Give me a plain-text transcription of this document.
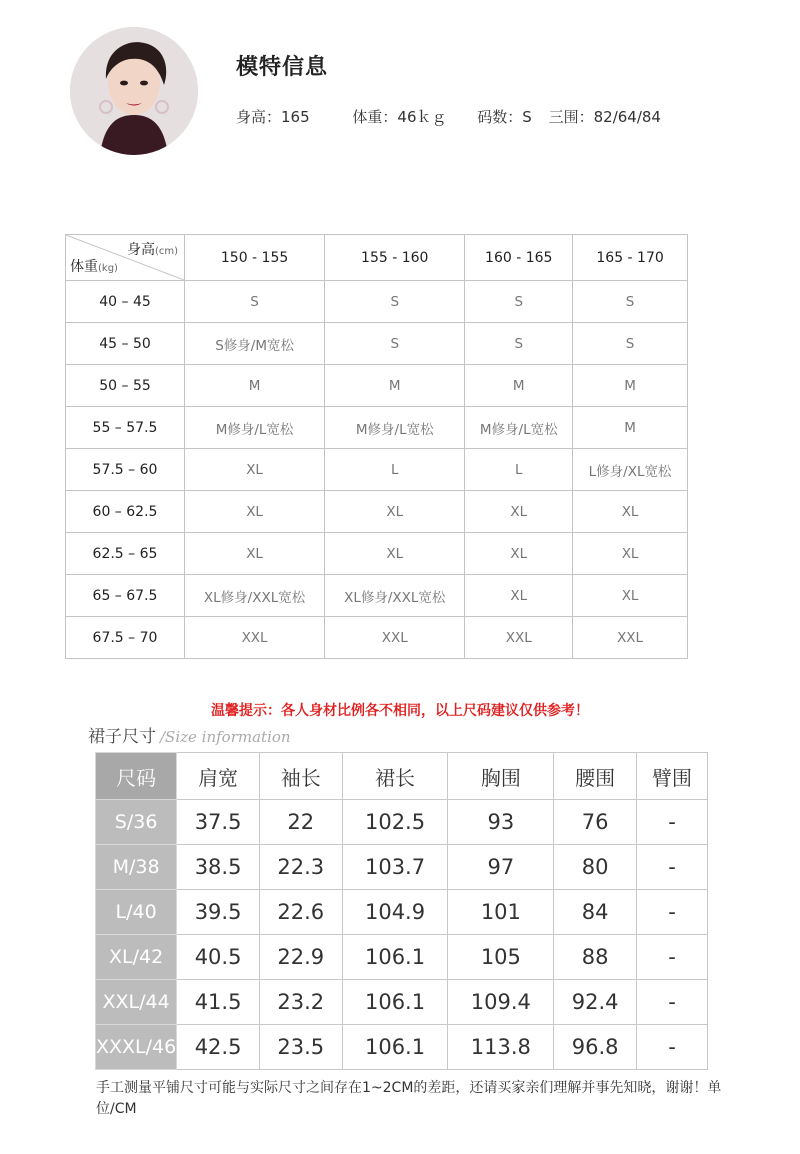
模特信息
身高：165	体重：46ｋｇ 码数：S 三围：82/64/84
身高(cm)
体重(kg)	150 - 155	155 - 160	160 - 165	165 - 170
40 – 45	S	S	S	S
45 – 50	S修身/M宽松	S	S	S
50 – 55	M	M	M	M
55 – 57.5	M修身/L宽松	M修身/L宽松	M修身/L宽松	M
57.5 – 60	XL	L	L	L修身/XL宽松
60 – 62.5	XL	XL	XL	XL
62.5 – 65	XL	XL	XL	XL
65 – 67.5	XL修身/XXL宽松	XL修身/XXL宽松	XL	XL
67.5 – 70	XXL	XXL	XXL	XXL
温馨提示：各人身材比例各不相同，以上尺码建议仅供参考！
裙子尺寸 /Size information
尺码	肩宽	袖长	裙长	胸围	腰围	臂围
S/36	37.5	22	102.5	93	76	-
M/38	38.5	22.3	103.7	97	80	-
L/40	39.5	22.6	104.9	101	84	-
XL/42	40.5	22.9	106.1	105	88	-
XXL/44	41.5	23.2	106.1	109.4	92.4	-
XXXL/46	42.5	23.5	106.1	113.8	96.8	-
手工测量平铺尺寸可能与实际尺寸之间存在1~2CM的差距，还请买家亲们理解并事先知晓，谢谢！单位/CM
